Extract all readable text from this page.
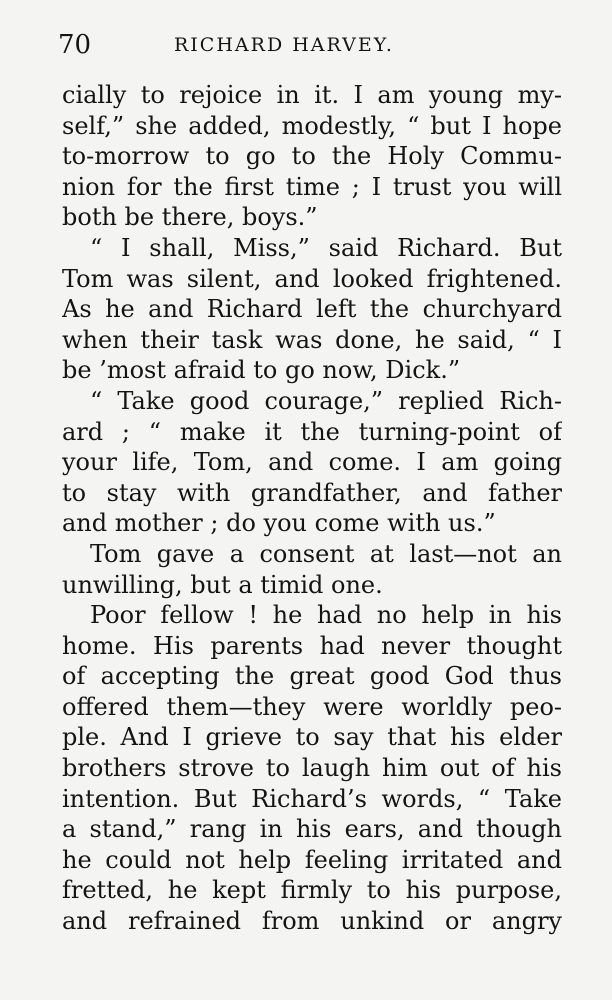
70	RICHARD HARVEY.
cially to rejoice in it. I am young my-
self,” she added, modestly, “ but I hope
to-morrow to go to the Holy Commu-
nion for the first time ; I trust you will
both be there, boys.”
“ I shall, Miss,” said Richard. But
Tom was silent, and looked frightened.
As he and Richard left the churchyard
when their task was done, he said, “ I
be ’most afraid to go now, Dick.”
“ Take good courage,” replied Rich-
ard ; “ make it the turning-point of
your life, Tom, and come. I am going
to stay with grandfather, and father
and mother ; do you come with us.”
Tom gave a consent at last—not an
unwilling, but a timid one.
Poor fellow ! he had no help in his
home. His parents had never thought
of accepting the great good God thus
offered them—they were worldly peo-
ple. And I grieve to say that his elder
brothers strove to laugh him out of his
intention. But Richard’s words, “ Take
a stand,” rang in his ears, and though
he could not help feeling irritated and
fretted, he kept firmly to his purpose,
and refrained from unkind or angry
